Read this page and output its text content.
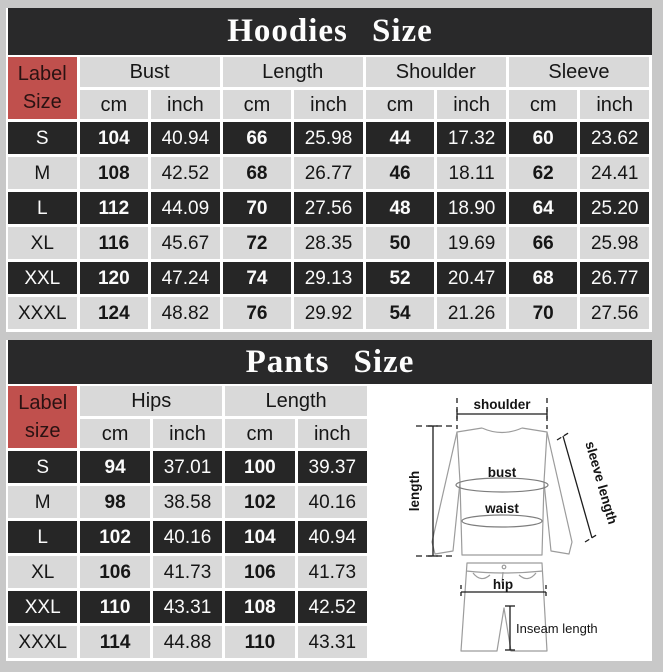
Hoodies Size
Label
Size
Bust	Length	Shoulder	Sleeve
cm	inch	cm	inch	cm	inch	cm	inch
S	104	40.94	66	25.98	44	17.32	60	23.62
M	108	42.52	68	26.77	46	18.11	62	24.41
L	112	44.09	70	27.56	48	18.90	64	25.20
XL	116	45.67	72	28.35	50	19.69	66	25.98
XXL	120	47.24	74	29.13	52	20.47	68	26.77
XXXL	124	48.82	76	29.92	54	21.26	70	27.56
Pants Size
Label
size
Hips	Length
cm	inch	cm	inch
S	94	37.01	100	39.37
M	98	38.58	102	40.16
L	102	40.16	104	40.94
XL	106	41.73	106	41.73
XXL	110	43.31	108	42.52
XXXL	114	44.88	110	43.31
shoulder
length	bust
waist	sleeve length
hip
Inseam length
